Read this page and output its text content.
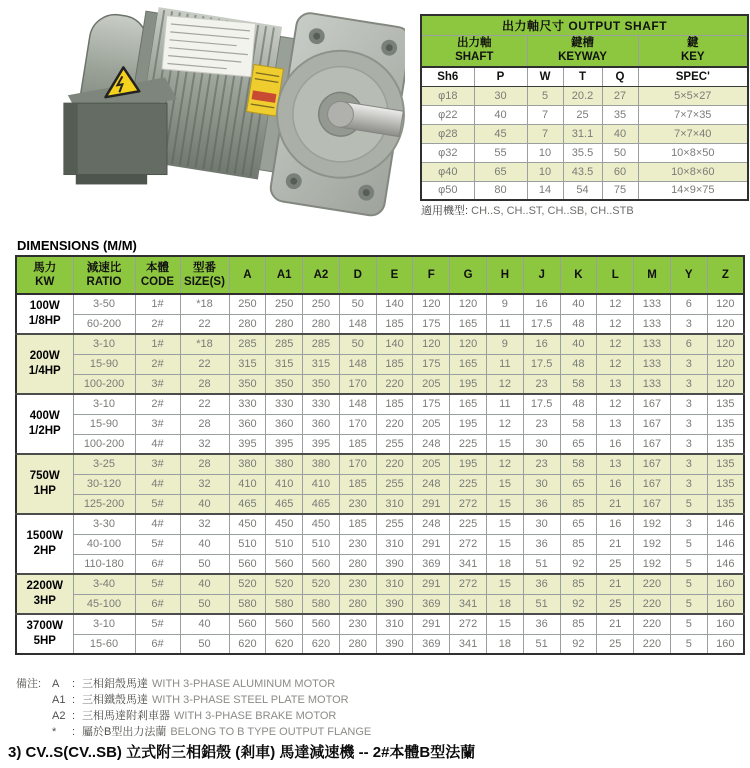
出力軸尺寸 OUTPUT SHAFT					

出力軸
SHAFT

鍵槽
KEYWAY

鍵
KEY

Sh6	P	W	T	Q	SPEC'
φ18	30	5	20.2	27	5×5×27
φ22	40	7	25	35	7×7×35
φ28	45	7	31.1	40	7×7×40
φ32	55	10	35.5	50	10×8×50
φ40	65	10	43.5	60	10×8×60
φ50	80	14	54	75	14×9×75
適用機型: CH..S, CH..ST, CH..SB, CH..STB
DIMENSIONS (M/M)
馬力
KW

減速比
RATIO

本體
CODE

型番
SIZE(S)
	A	A1	A2	D	E	F	G	H	J	K	L	M	Y	Z

100W
1/8HP	3-50	1#	*18	250	250	250	50	140	120	120	9	16	40	12	133	6	120
	60-200	2#	22	280	280	280	148	185	175	165	11	17.5	48	12	133	3	120

200W
1/4HP	3-10	1#	*18	285	285	285	50	140	120	120	9	16	40	12	133	6	120
	15-90	2#	22	315	315	315	148	185	175	165	11	17.5	48	12	133	3	120
	100-200	3#	28	350	350	350	170	220	205	195	12	23	58	13	133	3	120

400W
1/2HP	3-10	2#	22	330	330	330	148	185	175	165	11	17.5	48	12	167	3	135
	15-90	3#	28	360	360	360	170	220	205	195	12	23	58	13	167	3	135
	100-200	4#	32	395	395	395	185	255	248	225	15	30	65	16	167	3	135

750W
1HP	3-25	3#	28	380	380	380	170	220	205	195	12	23	58	13	167	3	135
	30-120	4#	32	410	410	410	185	255	248	225	15	30	65	16	167	3	135
	125-200	5#	40	465	465	465	230	310	291	272	15	36	85	21	167	5	135

1500W
2HP	3-30	4#	32	450	450	450	185	255	248	225	15	30	65	16	192	3	146
	40-100	5#	40	510	510	510	230	310	291	272	15	36	85	21	192	5	146
	110-180	6#	50	560	560	560	280	390	369	341	18	51	92	25	192	5	146

2200W
3HP	3-40	5#	40	520	520	520	230	310	291	272	15	36	85	21	220	5	160
	45-100	6#	50	580	580	580	280	390	369	341	18	51	92	25	220	5	160

3700W
5HP	3-10	5#	40	560	560	560	230	310	291	272	15	36	85	21	220	5	160
	15-60	6#	50	620	620	620	280	390	369	341	18	51	92	25	220	5	160
備注: A	: 三相鋁殼馬達 WITH 3-PHASE ALUMINUM MOTOR
A1 : 三相鐵殼馬達 WITH 3-PHASE STEEL PLATE MOTOR
A2 : 三相馬達附剎車器 WITH 3-PHASE BRAKE MOTOR
*	: 屬於B型出力法蘭 BELONG TO B TYPE OUTPUT FLANGE
3) CV..S(CV..SB) 立式附三相鋁殼 (剎車) 馬達減速機 -- 2#本體B型法蘭
